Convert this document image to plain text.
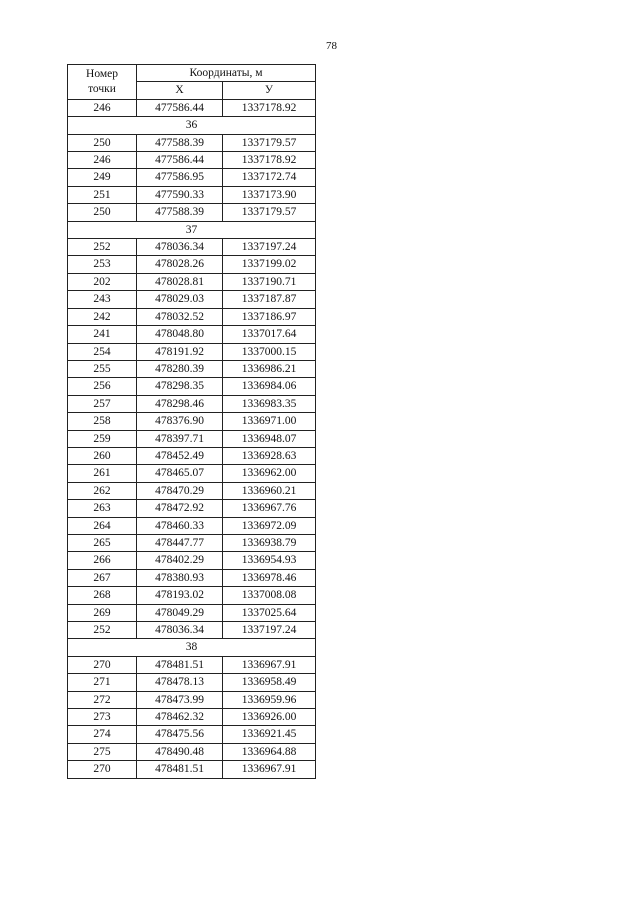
78
Номер
точки	Координаты, м	
	Х	У
246	477586.44	1337178.92
36		
250	477588.39	1337179.57
246	477586.44	1337178.92
249	477586.95	1337172.74
251	477590.33	1337173.90
250	477588.39	1337179.57
37		
252	478036.34	1337197.24
253	478028.26	1337199.02
202	478028.81	1337190.71
243	478029.03	1337187.87
242	478032.52	1337186.97
241	478048.80	1337017.64
254	478191.92	1337000.15
255	478280.39	1336986.21
256	478298.35	1336984.06
257	478298.46	1336983.35
258	478376.90	1336971.00
259	478397.71	1336948.07
260	478452.49	1336928.63
261	478465.07	1336962.00
262	478470.29	1336960.21
263	478472.92	1336967.76
264	478460.33	1336972.09
265	478447.77	1336938.79
266	478402.29	1336954.93
267	478380.93	1336978.46
268	478193.02	1337008.08
269	478049.29	1337025.64
252	478036.34	1337197.24
38		
270	478481.51	1336967.91
271	478478.13	1336958.49
272	478473.99	1336959.96
273	478462.32	1336926.00
274	478475.56	1336921.45
275	478490.48	1336964.88
270	478481.51	1336967.91
